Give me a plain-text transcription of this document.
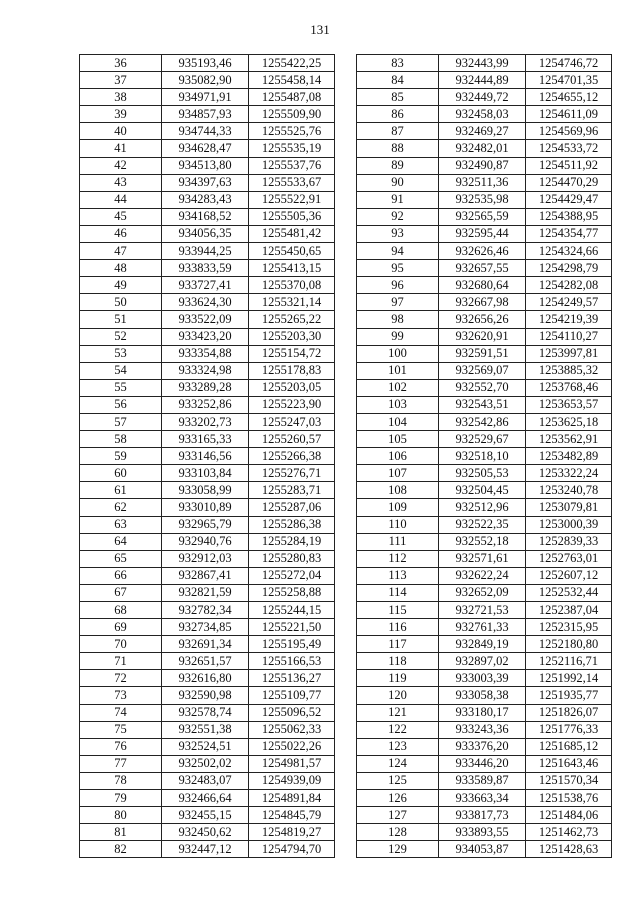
131
36	935193,46	1255422,25
37	935082,90	1255458,14
38	934971,91	1255487,08
39	934857,93	1255509,90
40	934744,33	1255525,76
41	934628,47	1255535,19
42	934513,80	1255537,76
43	934397,63	1255533,67
44	934283,43	1255522,91
45	934168,52	1255505,36
46	934056,35	1255481,42
47	933944,25	1255450,65
48	933833,59	1255413,15
49	933727,41	1255370,08
50	933624,30	1255321,14
51	933522,09	1255265,22
52	933423,20	1255203,30
53	933354,88	1255154,72
54	933324,98	1255178,83
55	933289,28	1255203,05
56	933252,86	1255223,90
57	933202,73	1255247,03
58	933165,33	1255260,57
59	933146,56	1255266,38
60	933103,84	1255276,71
61	933058,99	1255283,71
62	933010,89	1255287,06
63	932965,79	1255286,38
64	932940,76	1255284,19
65	932912,03	1255280,83
66	932867,41	1255272,04
67	932821,59	1255258,88
68	932782,34	1255244,15
69	932734,85	1255221,50
70	932691,34	1255195,49
71	932651,57	1255166,53
72	932616,80	1255136,27
73	932590,98	1255109,77
74	932578,74	1255096,52
75	932551,38	1255062,33
76	932524,51	1255022,26
77	932502,02	1254981,57
78	932483,07	1254939,09
79	932466,64	1254891,84
80	932455,15	1254845,79
81	932450,62	1254819,27
82	932447,12	1254794,70
83	932443,99	1254746,72
84	932444,89	1254701,35
85	932449,72	1254655,12
86	932458,03	1254611,09
87	932469,27	1254569,96
88	932482,01	1254533,72
89	932490,87	1254511,92
90	932511,36	1254470,29
91	932535,98	1254429,47
92	932565,59	1254388,95
93	932595,44	1254354,77
94	932626,46	1254324,66
95	932657,55	1254298,79
96	932680,64	1254282,08
97	932667,98	1254249,57
98	932656,26	1254219,39
99	932620,91	1254110,27
100	932591,51	1253997,81
101	932569,07	1253885,32
102	932552,70	1253768,46
103	932543,51	1253653,57
104	932542,86	1253625,18
105	932529,67	1253562,91
106	932518,10	1253482,89
107	932505,53	1253322,24
108	932504,45	1253240,78
109	932512,96	1253079,81
110	932522,35	1253000,39
111	932552,18	1252839,33
112	932571,61	1252763,01
113	932622,24	1252607,12
114	932652,09	1252532,44
115	932721,53	1252387,04
116	932761,33	1252315,95
117	932849,19	1252180,80
118	932897,02	1252116,71
119	933003,39	1251992,14
120	933058,38	1251935,77
121	933180,17	1251826,07
122	933243,36	1251776,33
123	933376,20	1251685,12
124	933446,20	1251643,46
125	933589,87	1251570,34
126	933663,34	1251538,76
127	933817,73	1251484,06
128	933893,55	1251462,73
129	934053,87	1251428,63
